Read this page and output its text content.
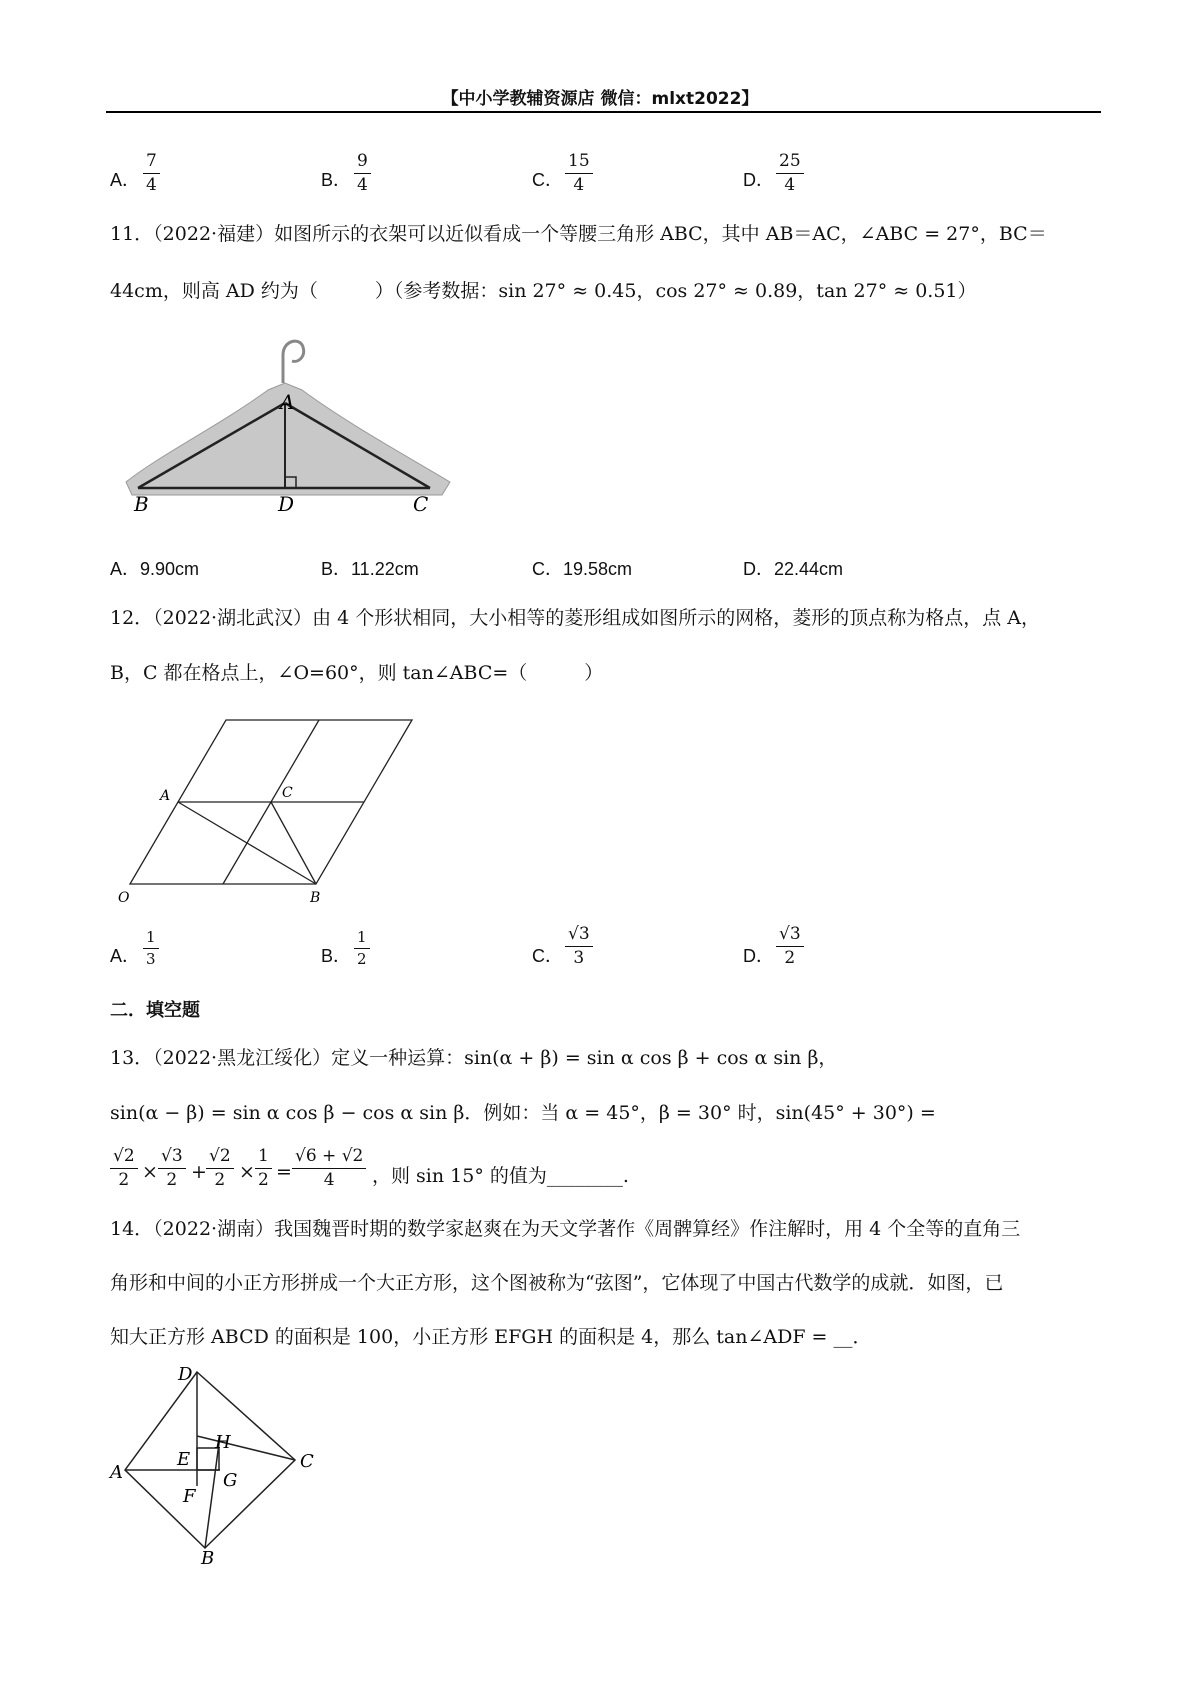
【中小学教辅资源店 微信：mlxt2022】
A． $\frac{7}{4}$	B． $\frac{9}{4}$	C． $\frac{15}{4}$	D． $\frac{25}{4}$
11．（2022·福建）如图所示的衣架可以近似看成一个等腰三角形 ABC，其中 AB＝AC，∠ABC = 27°，BC＝
44cm，则高 AD 约为（　　　）（参考数据：sin 27° ≈ 0.45，cos 27° ≈ 0.89，tan 27° ≈ 0.51）
A
B	D	C
A．9.90cm	B．11.22cm	C．19.58cm	D．22.44cm
12．（2022·湖北武汉）由 4 个形状相同，大小相等的菱形组成如图所示的网格，菱形的顶点称为格点，点 A，
B，C 都在格点上，∠O=60°，则 tan∠ABC=（　　　）
A	C
O	B
A． $\frac{1}{3}$	B． $\frac{1}{2}$	C． $\frac{√3}{3}$	D． $\frac{√3}{2}$
二．填空题
13．（2022·黑龙江绥化）定义一种运算：sin(α + β) = sin α cos β + cos α sin β，
sin(α − β) = sin α cos β − cos α sin β．例如：当 α = 45°，β = 30° 时，sin(45° + 30°) =
$\frac{√2}{2} \times \frac{√3}{2} + \frac{√2}{2} \times \frac{1}{2} = \frac{√6 + √2}{4}$ ，则 sin 15° 的值为________.
14．（2022·湖南）我国魏晋时期的数学家赵爽在为天文学著作《周髀算经》作注解时，用 4 个全等的直角三
角形和中间的小正方形拼成一个大正方形，这个图被称为“弦图”，它体现了中国古代数学的成就．如图，已
知大正方形 ABCD 的面积是 100，小正方形 EFGH 的面积是 4，那么 tan∠ADF = __．
D
H
C
E
A	G
F
B
